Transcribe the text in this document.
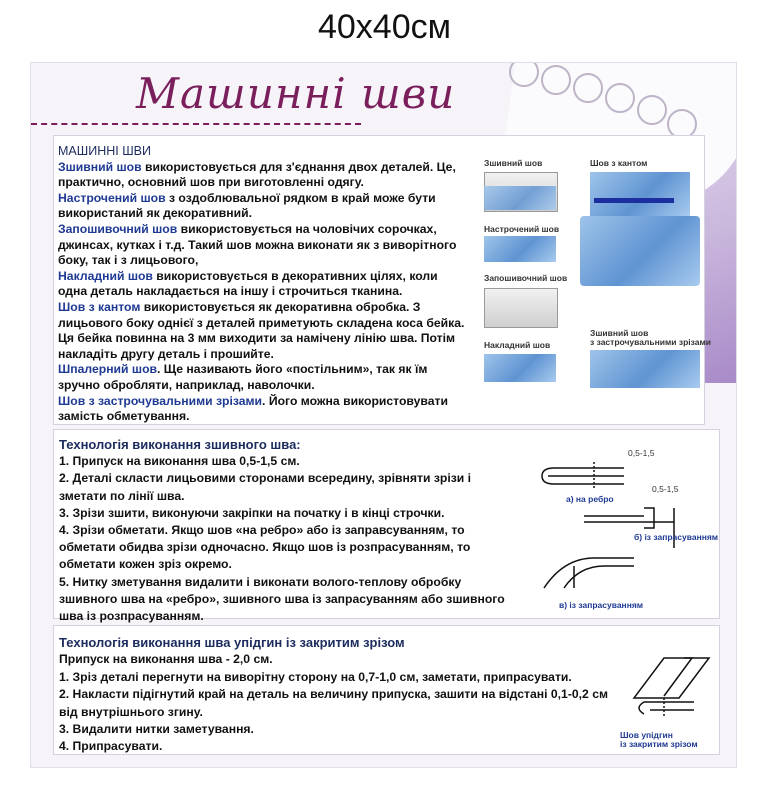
40x40см
Машинні шви
МАШИННІ ШВИ
Зшивний шов використовується для з'єднання двох деталей. Це, практично, основний шов при виготовленні одягу.
Настрочений шов з оздоблювальної рядком в край може бути використаний як декоративний.
Запошивочний шов використовується на чоловічих сорочках, джинсах, кутках і т.д. Такий шов можна виконати як з виворітного боку, так і з лицьового,
Накладний шов використовується в декоративних цілях, коли одна деталь накладається на іншу і строчиться тканина.
Шов з кантом використовується як декоративна обробка. З лицьового боку однієї з деталей приметують складена коса бейка. Ця бейка повинна на 3 мм виходити за намічену лінію шва. Потім накладіть другу деталь і прошийте.
Шпалерний шов. Ще називають його «постільним», так як їм зручно обробляти, наприклад, наволочки.
Шов з застрочувальними зрізами. Його можна використовувати замість обметування.
Зшивний шов	Шов з кантом
Настрочений шов
Запошивочний шов
Накладний шов
Зшивний шов
з застрочувальними зрізами
Технологія виконання зшивного шва:
1. Припуск на виконання шва 0,5-1,5 см.
2. Деталі скласти лицьовими сторонами всередину, зрівняти зрізи і зметати по лінії шва.
3. Зрізи зшити, виконуючи закріпки на початку і в кінці строчки.
4. Зрізи обметати. Якщо шов «на ребро» або із заправсуванням, то обметати обидва зрізи одночасно. Якщо шов із розпрасуванням, то обметати кожен зріз окремо.
5. Нитку зметування видалити і виконати волого-теплову обробку зшивного шва на «ребро», зшивного шва із запрасуванням або зшивного шва із розпрасуванням.
0,5-1,5
а) на ребро
0,5-1,5
б) із запрасуванням
в) із запрасуванням
Технологія виконання шва упідгин із закритим зрізом
Припуск на виконання шва - 2,0 см.
1. Зріз деталі перегнути на виворітну сторону на 0,7-1,0 см, заметати, припрасувати.
2. Накласти підігнутий край на деталь на величину припуска, зашити на відстані 0,1-0,2 см від внутрішнього згину.
3. Видалити нитки заметування.
4. Припрасувати.
Шов упідгин
із закритим зрізом
